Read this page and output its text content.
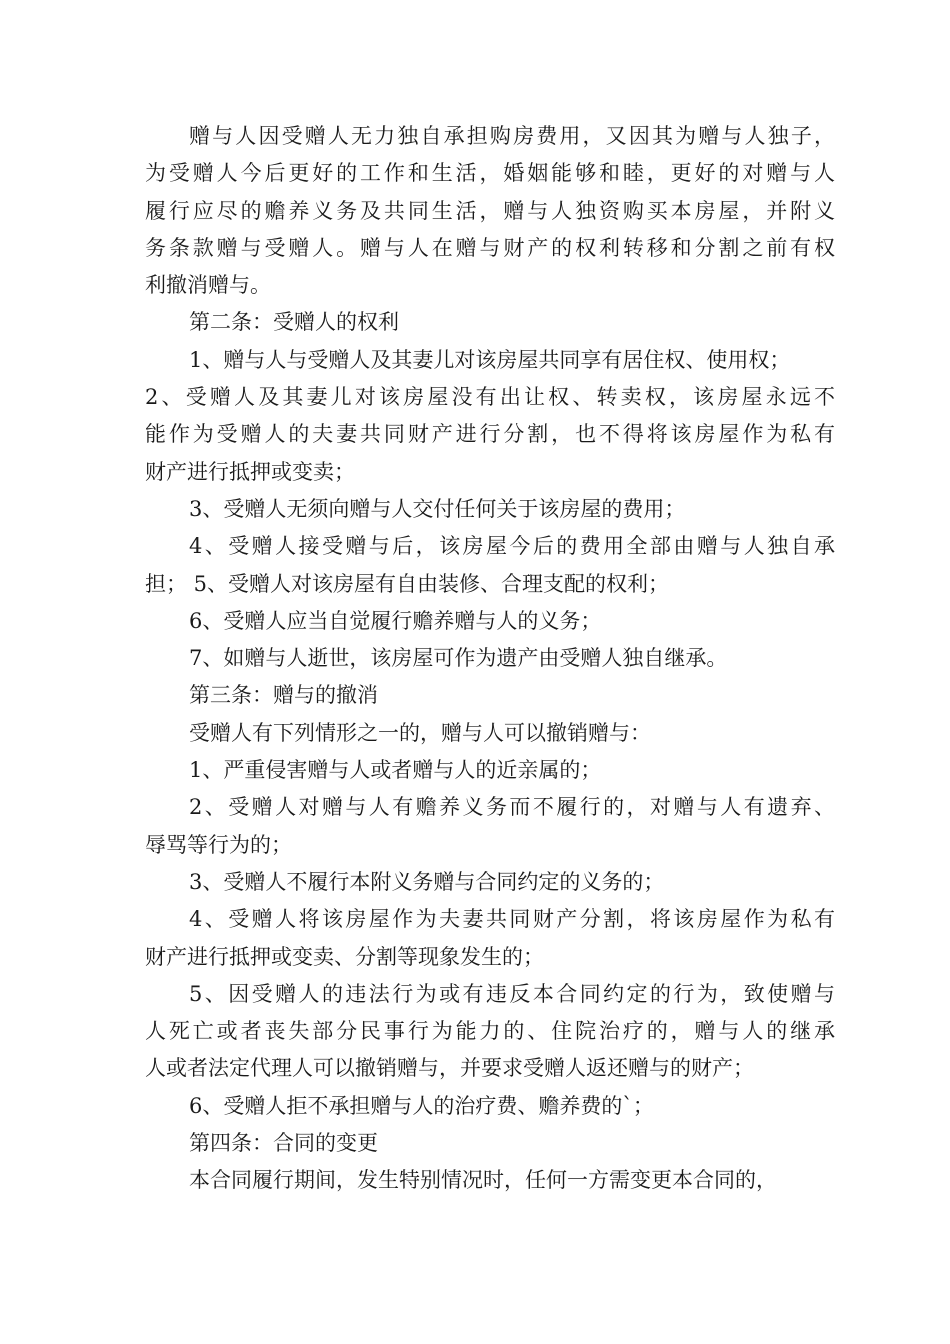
赠与人因受赠人无力独自承担购房费用，又因其为赠与人独子，
为受赠人今后更好的工作和生活，婚姻能够和睦，更好的对赠与人
履行应尽的赡养义务及共同生活，赠与人独资购买本房屋，并附义
务条款赠与受赠人。赠与人在赠与财产的权利转移和分割之前有权
利撤消赠与。
第二条：受赠人的权利
1、赠与人与受赠人及其妻儿对该房屋共同享有居住权、使用权；
2、受赠人及其妻儿对该房屋没有出让权、转卖权，该房屋永远不
能作为受赠人的夫妻共同财产进行分割，也不得将该房屋作为私有
财产进行抵押或变卖；
3、受赠人无须向赠与人交付任何关于该房屋的费用；
4、受赠人接受赠与后，该房屋今后的费用全部由赠与人独自承
担； 5、受赠人对该房屋有自由装修、合理支配的权利；
6、受赠人应当自觉履行赡养赠与人的义务；
7、如赠与人逝世，该房屋可作为遗产由受赠人独自继承。
第三条：赠与的撤消
受赠人有下列情形之一的，赠与人可以撤销赠与：
1、严重侵害赠与人或者赠与人的近亲属的；
2、受赠人对赠与人有赡养义务而不履行的，对赠与人有遗弃、
辱骂等行为的；
3、受赠人不履行本附义务赠与合同约定的义务的；
4、受赠人将该房屋作为夫妻共同财产分割，将该房屋作为私有
财产进行抵押或变卖、分割等现象发生的；
5、因受赠人的违法行为或有违反本合同约定的行为，致使赠与
人死亡或者丧失部分民事行为能力的、住院治疗的，赠与人的继承
人或者法定代理人可以撤销赠与，并要求受赠人返还赠与的财产；
6、受赠人拒不承担赠与人的治疗费、赡养费的`；
第四条：合同的变更
本合同履行期间，发生特别情况时，任何一方需变更本合同的，
